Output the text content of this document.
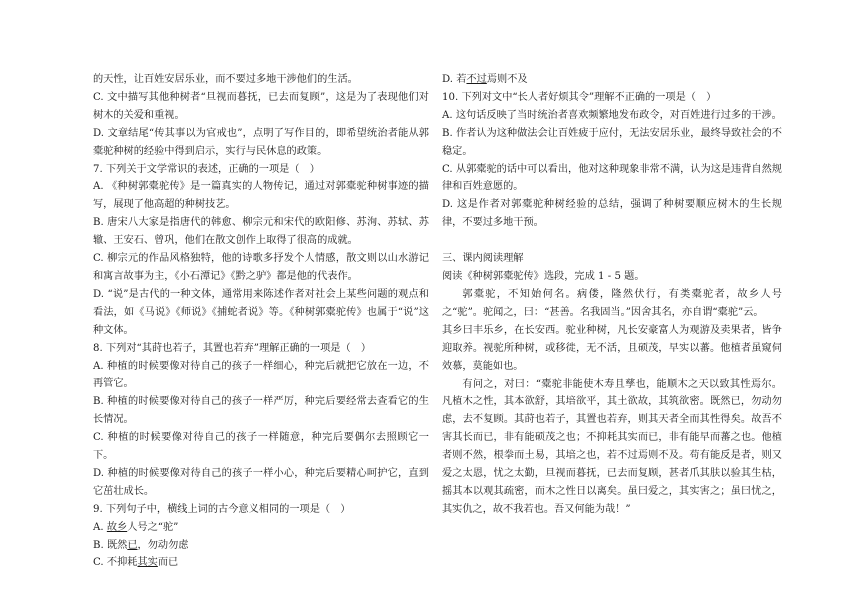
的天性，让百姓安居乐业，而不要过多地干涉他们的生活。

C. 文中描写其他种树者“旦视而暮抚，已去而复顾”，这是为了表现他们对树木的关爱和重视。

D. 文章结尾“传其事以为官戒也”，点明了写作目的，即希望统治者能从郭橐驼种树的经验中得到启示，实行与民休息的政策。

7. 下列关于文学常识的表述，正确的一项是（　）

A. 《种树郭橐驼传》是一篇真实的人物传记，通过对郭橐驼种树事迹的描写，展现了他高超的种树技艺。

B. 唐宋八大家是指唐代的韩愈、柳宗元和宋代的欧阳修、苏洵、苏轼、苏辙、王安石、曾巩，他们在散文创作上取得了很高的成就。

C. 柳宗元的作品风格独特，他的诗歌多抒发个人情感，散文则以山水游记和寓言故事为主，《小石潭记》《黔之驴》都是他的代表作。

D. “说”是古代的一种文体，通常用来陈述作者对社会上某些问题的观点和看法，如《马说》《师说》《捕蛇者说》等。《种树郭橐驼传》也属于“说”这种文体。

8. 下列对“其莳也若子，其置也若弃”理解正确的一项是（　）

A. 种植的时候要像对待自己的孩子一样细心，种完后就把它放在一边，不再管它。

B. 种植的时候要像对待自己的孩子一样严厉，种完后要经常去查看它的生长情况。

C. 种植的时候要像对待自己的孩子一样随意，种完后要偶尔去照顾它一下。

D. 种植的时候要像对待自己的孩子一样小心，种完后要精心呵护它，直到它茁壮成长。

9. 下列句子中，横线上词的古今意义相同的一项是（　）

A. 故乡人号之“驼”

B. 既然已，勿动勿虑

C. 不抑耗其实而已

D. 若不过焉则不及

10. 下列对文中“长人者好烦其令”理解不正确的一项是（　）

A. 这句话反映了当时统治者喜欢频繁地发布政令，对百姓进行过多的干涉。

B. 作者认为这种做法会让百姓疲于应付，无法安居乐业，最终导致社会的不稳定。

C. 从郭橐驼的话中可以看出，他对这种现象非常不满，认为这是违背自然规律和百姓意愿的。

D. 这是作者对郭橐驼种树经验的总结，强调了种树要顺应树木的生长规律，不要过多地干预。

三、课内阅读理解

阅读《种树郭橐驼传》选段，完成 1 - 5 题。

郭橐驼，不知始何名。病偻，隆然伏行，有类橐驼者，故乡人号之“驼”。驼闻之，曰：“甚善。名我固当。”因舍其名，亦自谓“橐驼”云。

其乡曰丰乐乡，在长安西。驼业种树，凡长安豪富人为观游及卖果者，皆争迎取养。视驼所种树，或移徙，无不活，且硕茂，早实以蕃。他植者虽窥伺效慕，莫能如也。

有问之，对曰：“橐驼非能使木寿且孳也，能顺木之天以致其性焉尔。凡植木之性，其本欲舒，其培欲平，其土欲故，其筑欲密。既然已，勿动勿虑，去不复顾。其莳也若子，其置也若弃，则其天者全而其性得矣。故吾不害其长而已，非有能硕茂之也；不抑耗其实而已，非有能早而蕃之也。他植者则不然，根拳而土易，其培之也，若不过焉则不及。苟有能反是者，则又爱之太恩，忧之太勤，旦视而暮抚，已去而复顾，甚者爪其肤以验其生枯，摇其本以观其疏密，而木之性日以离矣。虽曰爱之，其实害之；虽曰忧之，其实仇之，故不我若也。吾又何能为哉！”
